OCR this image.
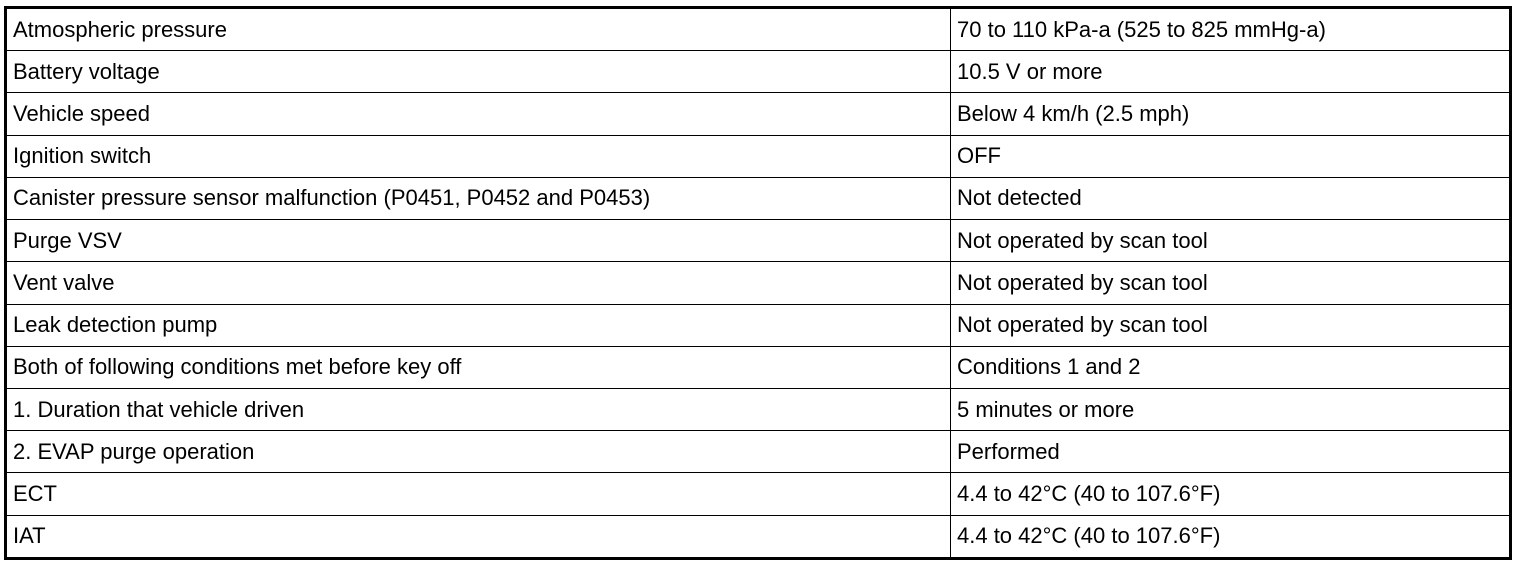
Atmospheric pressure	70 to 110 kPa-a (525 to 825 mmHg-a)
Battery voltage	10.5 V or more
Vehicle speed	Below 4 km/h (2.5 mph)
Ignition switch	OFF
Canister pressure sensor malfunction (P0451, P0452 and P0453)	Not detected
Purge VSV	Not operated by scan tool
Vent valve	Not operated by scan tool
Leak detection pump	Not operated by scan tool
Both of following conditions met before key off	Conditions 1 and 2
1. Duration that vehicle driven	5 minutes or more
2. EVAP purge operation	Performed
ECT	4.4 to 42°C (40 to 107.6°F)
IAT	4.4 to 42°C (40 to 107.6°F)
